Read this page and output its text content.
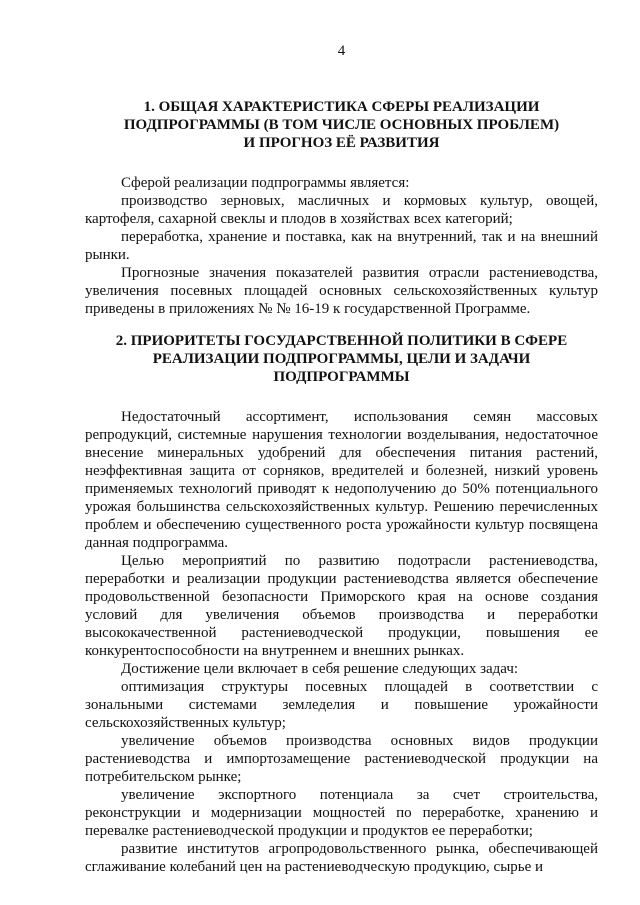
4
1. ОБЩАЯ ХАРАКТЕРИСТИКА СФЕРЫ РЕАЛИЗАЦИИ
ПОДПРОГРАММЫ (В ТОМ ЧИСЛЕ ОСНОВНЫХ ПРОБЛЕМ)
И ПРОГНОЗ ЕЁ РАЗВИТИЯ

Сферой реализации подпрограммы является:

производство зерновых, масличных и кормовых культур, овощей, картофеля, сахарной свеклы и плодов в хозяйствах всех категорий;

переработка, хранение и поставка, как на внутренний, так и на внешний рынки.

Прогнозные значения показателей развития отрасли растениеводства, увеличения посевных площадей основных сельскохозяйственных культур приведены в приложениях № № 16-19 к государственной Программе.

2. ПРИОРИТЕТЫ ГОСУДАРСТВЕННОЙ ПОЛИТИКИ В СФЕРЕ
РЕАЛИЗАЦИИ ПОДПРОГРАММЫ, ЦЕЛИ И ЗАДАЧИ
ПОДПРОГРАММЫ

Недостаточный ассортимент, использования семян массовых репродукций, системные нарушения технологии возделывания, недостаточное внесение минеральных удобрений для обеспечения питания растений, неэффективная защита от сорняков, вредителей и болезней, низкий уровень применяемых технологий приводят к недополучению до 50% потенциального урожая большинства сельскохозяйственных культур. Решению перечисленных проблем и обеспечению существенного роста урожайности культур посвящена данная подпрограмма.

Целью мероприятий по развитию подотрасли растениеводства, переработки и реализации продукции растениеводства является обеспечение продовольственной безопасности Приморского края на основе создания условий для увеличения объемов производства и переработки высококачественной растениеводческой продукции, повышения ее конкурентоспособности на внутреннем и внешних рынках.

Достижение цели включает в себя решение следующих задач:

оптимизация структуры посевных площадей в соответствии с зональными системами земледелия и повышение урожайности сельскохозяйственных культур;

увеличение объемов производства основных видов продукции растениеводства и импортозамещение растениеводческой продукции на потребительском рынке;

увеличение экспортного потенциала за счет строительства, реконструкции и модернизации мощностей по переработке, хранению и перевалке растениеводческой продукции и продуктов ее переработки;

развитие институтов агропродовольственного рынка, обеспечивающей сглаживание колебаний цен на растениеводческую продукцию, сырье и
